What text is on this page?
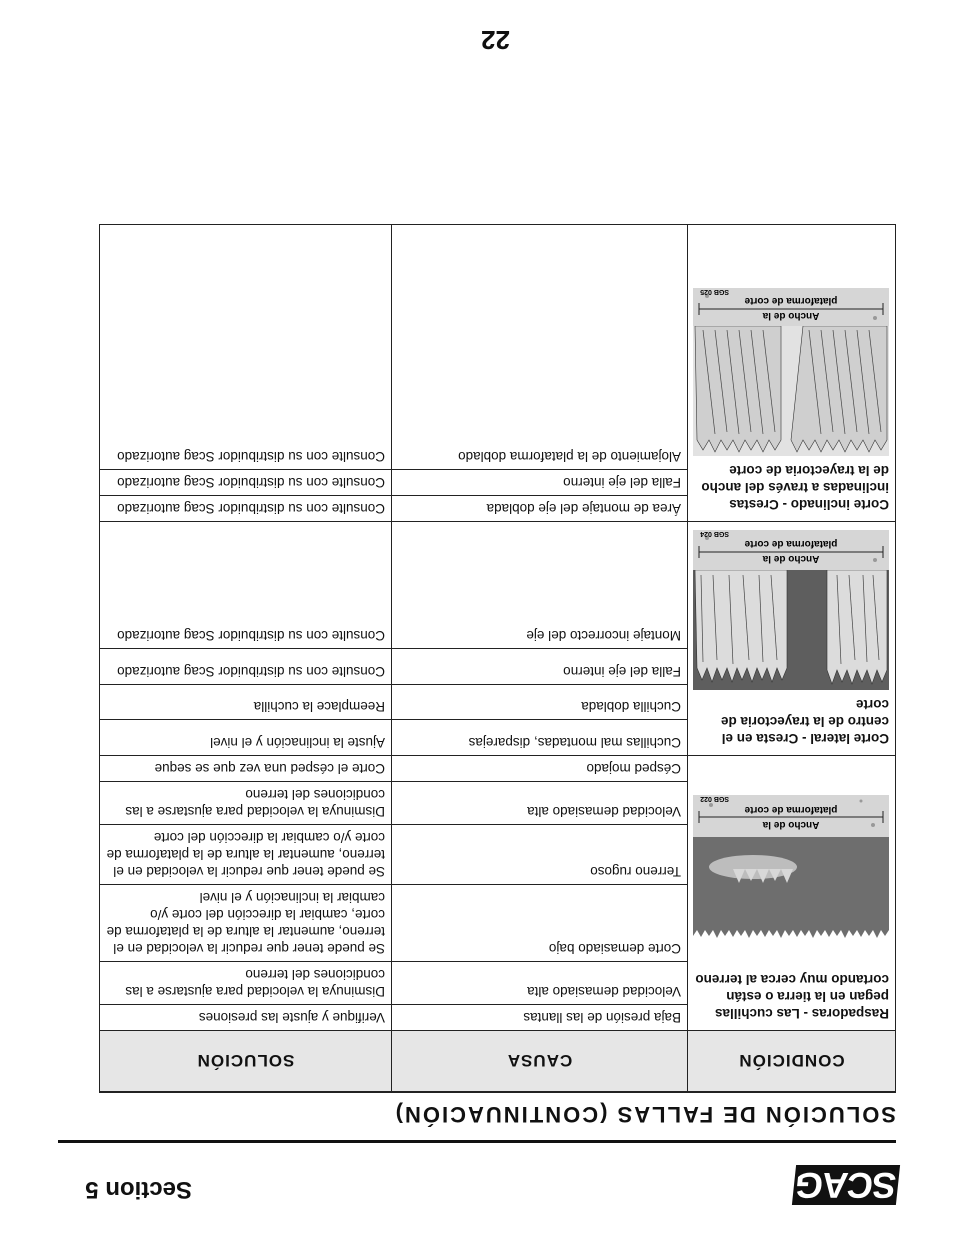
SCAG
Section 5
SOLUCIÓN DE FALLAS (CONTINUACIÓN)
CONDICIÓN	CAUSA	SOLUCIÓN

Raspadoras - Las cuchillas pegan en la tierra o están cortando muy cerca al terreno
Ancho de la
plataforma de corte
SGB 022	Baja presión de las llantas	Verifique y ajuste las presiones
	Velocidad demasiado alta	Disminuya la velocidad para ajustarse a las condiciones del terreno
	Corte demasiado bajo	Se puede tener que reducir la velocidad en el terreno, aumentar la altura de la plataforma de corte, cambiar la dirección del corte y/o cambiar la inclinación y el nivel
	Terreno rugoso	Se puede tener que reducir la velocidad en el terreno, aumentar la altura de la plataforma de corte y/o cambiar la dirección del corte
	Velocidad demasiado alta	Disminuya la velocidad para ajustarse a las condiciones del terreno
	Césped mojado	Corte el césped una vez que se seque

Corte lateral - Cresta en el centro de la trayectoria de corte
Ancho de la
plataforma de corte
SGB 024	Cuchillas mal montadas, disparejas	Ajuste la inclinación y el nivel
	Cuchilla doblada	Reemplace la cuchilla
	Falla del eje interno	Consulte con su distribuidor Scag autorizado
	Montaje incorrecto del eje	Consulte con su distribuidor Scag autorizado

Corte inclinado - Crestas inclinadas a través del ancho de la trayectoria de corte
Ancho de la
plataforma de corte
SGB 025	Área de montaje del eje doblada	Consulte con su distribuidor Scag autorizado
	Falla del eje interno	Consulte con su distribuidor Scag autorizado
	Alojamiento de la plataforma doblado	Consulte con su distribuidor Scag autorizado
22
